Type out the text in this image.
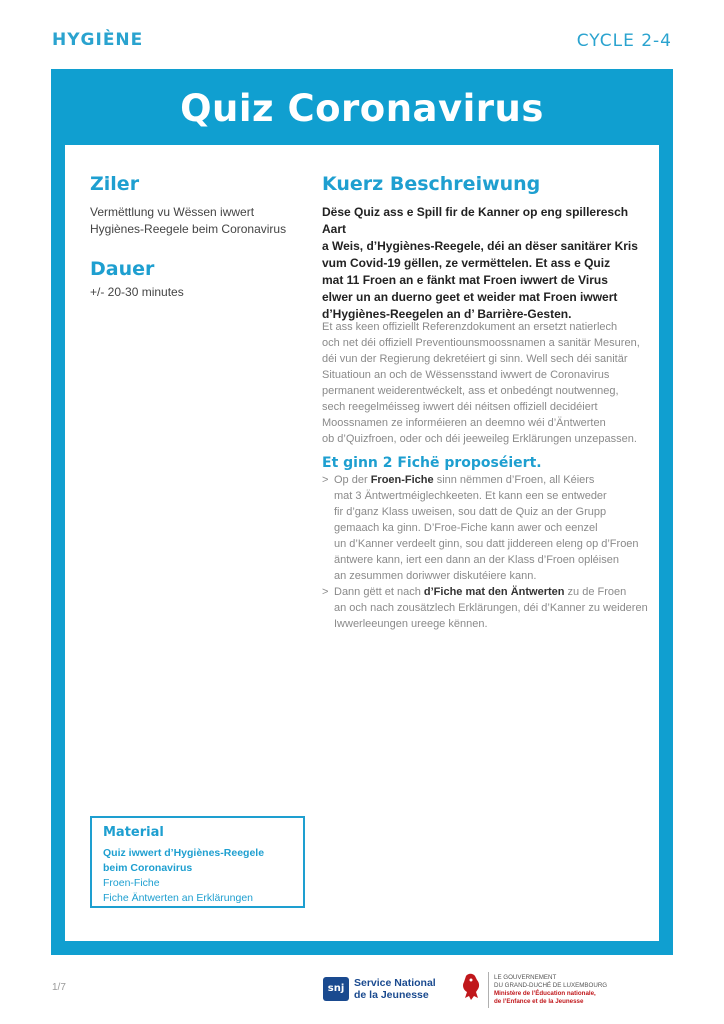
HYGIÈNE	CYCLE 2-4
Quiz Coronavirus
Ziler
Vermëttlung vu Wëssen iwwert
Hygiènes-Reegele beim Coronavirus
Dauer
+/- 20-30 minutes
Kuerz Beschreiwung
Dëse Quiz ass e Spill fir de Kanner op eng spilleresch Aart
a Weis, d’Hygiènes-Reegele, déi an dëser sanitärer Kris
vum Covid-19 gëllen, ze vermëttelen. Et ass e Quiz
mat 11 Froen an e fänkt mat Froen iwwert de Virus
elwer un an duerno geet et weider mat Froen iwwert
d’Hygiènes-Reegelen an d’ Barrière-Gesten.
Et ass keen offiziellt Referenzdokument an ersetzt natierlech
och net déi offiziell Preventiounsmoossnamen a sanitär Mesuren,
déi vun der Regierung dekretéiert gi sinn. Well sech déi sanitär
Situatioun an och de Wëssensstand iwwert de Coronavirus
permanent weiderentwéckelt, ass et onbedéngt noutwenneg,
sech reegelméisseg iwwert déi néitsen offiziell decidéiert
Moossnamen ze informéieren an deemno wéi d’Äntwerten
ob d’Quizfroen, oder och déi jeeweileg Erklärungen unzepassen.
Et ginn 2 Fichë proposéiert.
> Op der Froen-Fiche sinn nëmmen d’Froen, all Kéiers
mat 3 Äntwertméiglechkeeten. Et kann een se entweder
fir d’ganz Klass uweisen, sou datt de Quiz an der Grupp
gemaach ka ginn. D’Froe-Fiche kann awer och eenzel
un d’Kanner verdeelt ginn, sou datt jiddereen eleng op d’Froen
äntwere kann, iert een dann an der Klass d’Froen opléisen
an zesummen doriwwer diskutéiere kann.
> Dann gëtt et nach d’Fiche mat den Äntwerten zu de Froen
an och nach zousätzlech Erklärungen, déi d’Kanner zu weideren
Iwwerleeungen ureege kënnen.
Material
Quiz iwwert d’Hygiènes-Reegele
beim Coronavirus
Froen-Fiche
Fiche Äntwerten an Erklärungen
1/7	snj Service National
de la Jeunesse
LE GOUVERNEMENT
DU GRAND-DUCHÉ DE LUXEMBOURG
Ministère de l’Éducation nationale,
de l’Enfance et de la Jeunesse
